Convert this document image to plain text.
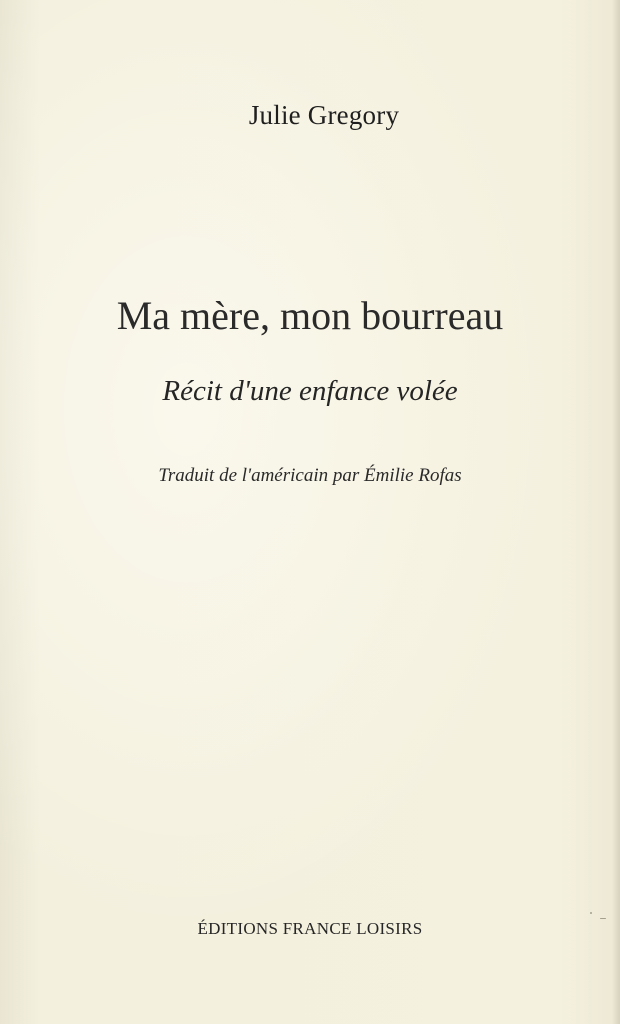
Julie Gregory
Ma mère, mon bourreau
Récit d'une enfance volée
Traduit de l'américain par Émilie Rofas
ÉDITIONS FRANCE LOISIRS
